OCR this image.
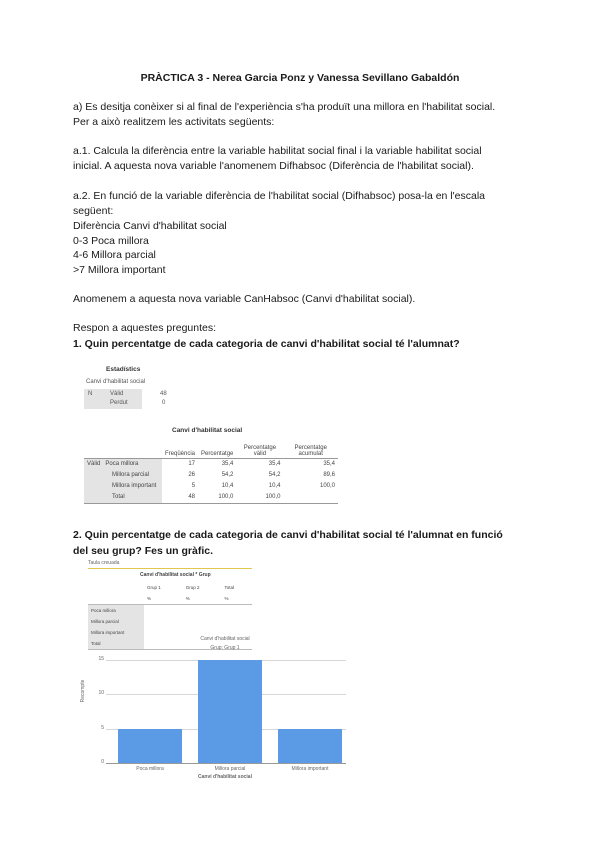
PRÀCTICA 3 - Nerea Garcia Ponz y Vanessa Sevillano Gabaldón
a) Es desitja conèixer si al final de l'experiència s'ha produït una millora en l'habilitat social.
Per a això realitzem les activitats següents:
a.1. Calcula la diferència entre la variable habilitat social final i la variable habilitat social
inicial. A aquesta nova variable l'anomenem Difhabsoc (Diferència de l'habilitat social).
a.2. En funció de la variable diferència de l'habilitat social (Difhabsoc) posa-la en l'escala
següent:
Diferència Canvi d'habilitat social
0-3 Poca millora
4-6 Millora parcial
>7 Millora important
Anomenem a aquesta nova variable CanHabsoc (Canvi d'habilitat social).
Respon a aquestes preguntes:
1. Quin percentatge de cada categoria de canvi d'habilitat social té l'alumnat?
Estadístics
Canvi d'habilitat social
N	Vàlid	48
Perdut	0
Canvi d'habilitat social
	Freqüència	Percentatge	Percentatge vàlid	Percentatge acumulat
Vàlid Poca millora	17	35,4	35,4	35,4
Millora parcial	26	54,2	54,2	89,6
Millora important	5	10,4	10,4	100,0
Total	48	100,0	100,0	
2. Quin percentatge de cada categoria de canvi d'habilitat social té l'alumnat en funció
del seu grup? Fes un gràfic.
Taula creuada
Canvi d'habilitat social * Grup
	Grup 1	Grup 2	Total
	%	%	%
Poca millora			
Millora parcial			
Millora important			
Total			
Canvi d'habilitat social
Grup: Grup 1
0
5
10
15
Poca millora	Millora parcial	Millora important
Recompte
Canvi d'habilitat social
